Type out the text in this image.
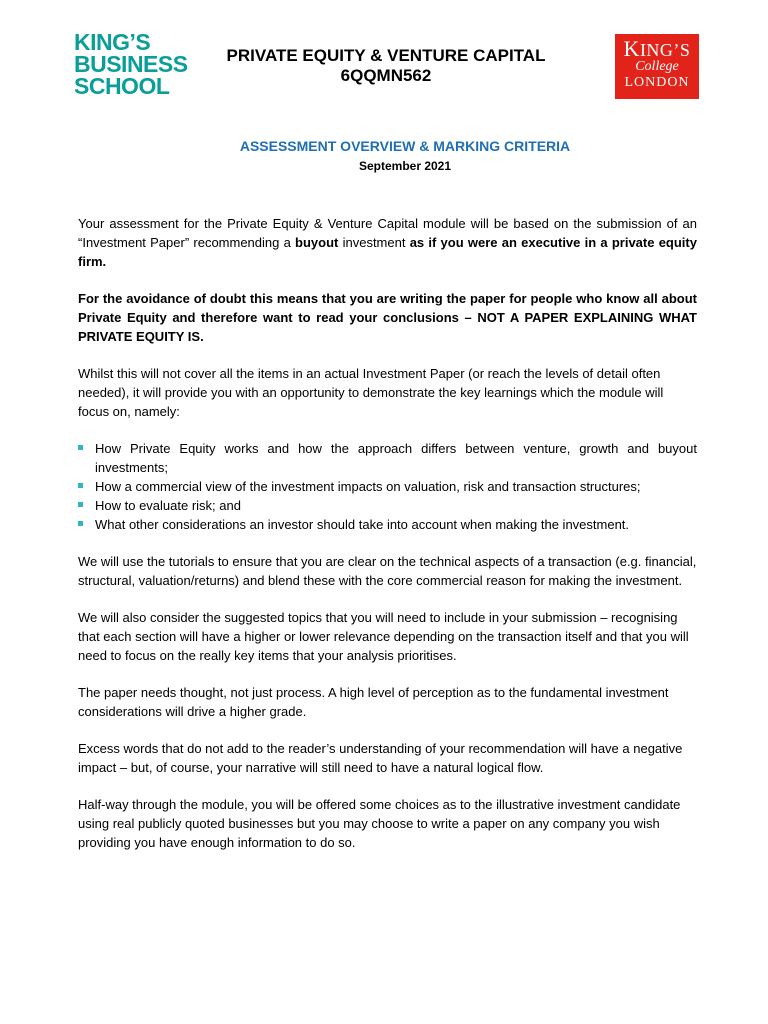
KING’S
BUSINESS
SCHOOL
PRIVATE EQUITY & VENTURE CAPITAL
6QQMN562
KING’S
College
LONDON
ASSESSMENT OVERVIEW & MARKING CRITERIA
September 2021

Your assessment for the Private Equity & Venture Capital module will be based on the submission of an “Investment Paper” recommending a buyout investment as if you were an executive in a private equity firm.

For the avoidance of doubt this means that you are writing the paper for people who know all about Private Equity and therefore want to read your conclusions – NOT A PAPER EXPLAINING WHAT PRIVATE EQUITY IS.

Whilst this will not cover all the items in an actual Investment Paper (or reach the levels of detail often needed), it will provide you with an opportunity to demonstrate the key learnings which the module will focus on, namely:

How Private Equity works and how the approach differs between venture, growth and buyout investments;
How a commercial view of the investment impacts on valuation, risk and transaction structures;
How to evaluate risk; and
What other considerations an investor should take into account when making the investment.

We will use the tutorials to ensure that you are clear on the technical aspects of a transaction (e.g. financial, structural, valuation/returns) and blend these with the core commercial reason for making the investment.

We will also consider the suggested topics that you will need to include in your submission – recognising that each section will have a higher or lower relevance depending on the transaction itself and that you will need to focus on the really key items that your analysis prioritises.

The paper needs thought, not just process. A high level of perception as to the fundamental investment considerations will drive a higher grade.

Excess words that do not add to the reader’s understanding of your recommendation will have a negative impact – but, of course, your narrative will still need to have a natural logical flow.

Half-way through the module, you will be offered some choices as to the illustrative investment candidate using real publicly quoted businesses but you may choose to write a paper on any company you wish providing you have enough information to do so.
